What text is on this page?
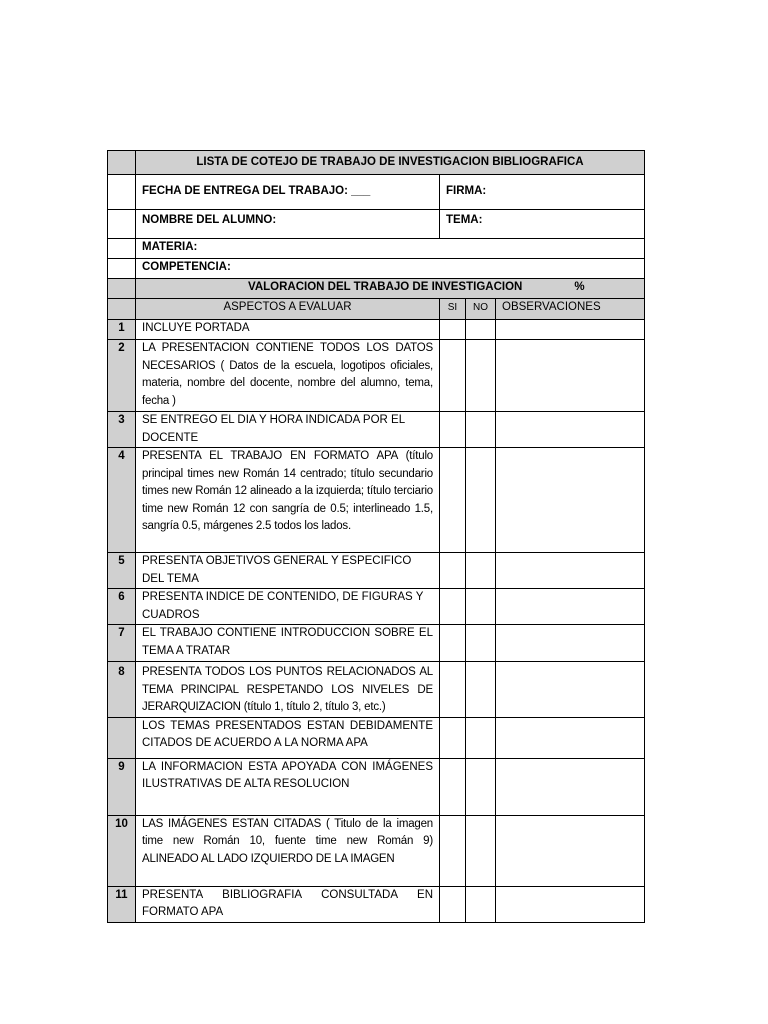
	LISTA DE COTEJO DE TRABAJO DE INVESTIGACION BIBLIOGRAFICA			
	FECHA DE ENTREGA DEL TRABAJO: ___	FIRMA:		
	NOMBRE DEL ALUMNO:	TEMA:		
	MATERIA:			
	COMPETENCIA:			
	VALORACION DEL TRABAJO DE INVESTIGACION %			
	ASPECTOS A EVALUAR	SI	NO	OBSERVACIONES
1	INCLUYE PORTADA			
2	LA PRESENTACION CONTIENE TODOS LOS DATOS NECESARIOS ( Datos de la escuela, logotipos oficiales, materia, nombre del docente, nombre del alumno, tema, fecha )			
3	SE ENTREGO EL DIA Y HORA INDICADA POR EL DOCENTE			
4	PRESENTA EL TRABAJO EN FORMATO APA (título principal times new Román 14 centrado; título secundario times new Román 12 alineado a la izquierda; título terciario time new Román 12 con sangría de 0.5; interlineado 1.5, sangría 0.5, márgenes 2.5 todos los lados.			
5	PRESENTA OBJETIVOS GENERAL Y ESPECIFICO DEL TEMA			
6	PRESENTA INDICE DE CONTENIDO, DE FIGURAS Y CUADROS			
7	EL TRABAJO CONTIENE INTRODUCCION SOBRE EL TEMA A TRATAR			
8	PRESENTA TODOS LOS PUNTOS RELACIONADOS AL TEMA PRINCIPAL RESPETANDO LOS NIVELES DE JERARQUIZACION (título 1, título 2, título 3, etc.)			
	LOS TEMAS PRESENTADOS ESTAN DEBIDAMENTE CITADOS DE ACUERDO A LA NORMA APA			
9	LA INFORMACION ESTA APOYADA CON IMÁGENES ILUSTRATIVAS DE ALTA RESOLUCION			
10	LAS IMÁGENES ESTAN CITADAS ( Titulo de la imagen time new Román 10, fuente time new Román 9) ALINEADO AL LADO IZQUIERDO DE LA IMAGEN			
11	PRESENTA BIBLIOGRAFIA CONSULTADA EN FORMATO APA			
